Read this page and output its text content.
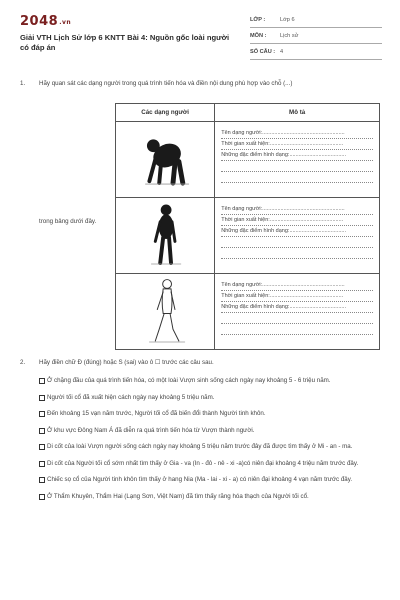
2048.vn
Giải VTH Lịch Sử lớp 6 KNTT Bài 4: Nguồn gốc loài người có đáp án
LỚP :	Lớp 6
MÔN :	Lịch sử
SỐ CÂU : 4
1. Hãy quan sát các dạng người trong quá trình tiến hóa và điền nội dung phù hợp vào chỗ (...)
trong bảng dưới đây.
Các dạng người	Mô tả

Tên dạng người:......................................................
Thời gian xuất hiện:................................................
Những đặc điểm hình dạng:.....................................

Tên dạng người:......................................................
Thời gian xuất hiện:................................................
Những đặc điểm hình dạng:.....................................

Tên dạng người:......................................................
Thời gian xuất hiện:................................................
Những đặc điểm hình dạng:.....................................
2. Hãy điền chữ Đ (đúng) hoặc S (sai) vào ô ☐ trước các câu sau.
Ở chặng đầu của quá trình tiến hóa, có một loài Vượn sinh sống cách ngày nay khoảng 5 - 6 triệu năm.
Người tối cổ đã xuất hiện cách ngày nay khoảng 5 triệu năm.
Đến khoảng 15 vạn năm trước, Người tối cổ đã biến đổi thành Người tinh khôn.
Ở khu vực Đông Nam Á đã diễn ra quá trình tiến hóa từ Vượn thành người.
Di cốt của loài Vượn người sống cách ngày nay khoảng 5 triệu năm trước đây đã được tìm thấy ở Mi - an - ma.
Di cốt của Người tối cổ sớm nhất tìm thấy ở Gia - va (In - đô - nê - xi -a)có niên đại khoảng 4 triệu năm trước đây.
Chiếc sọ cổ của Người tinh khôn tìm thấy ở hang Nia (Ma - lai - xi - a) có niên đại khoảng 4 vạn năm trước đây.
Ở Thẩm Khuyên, Thẩm Hai (Lạng Sơn, Việt Nam) đã tìm thấy răng hóa thạch của Người tối cổ.
